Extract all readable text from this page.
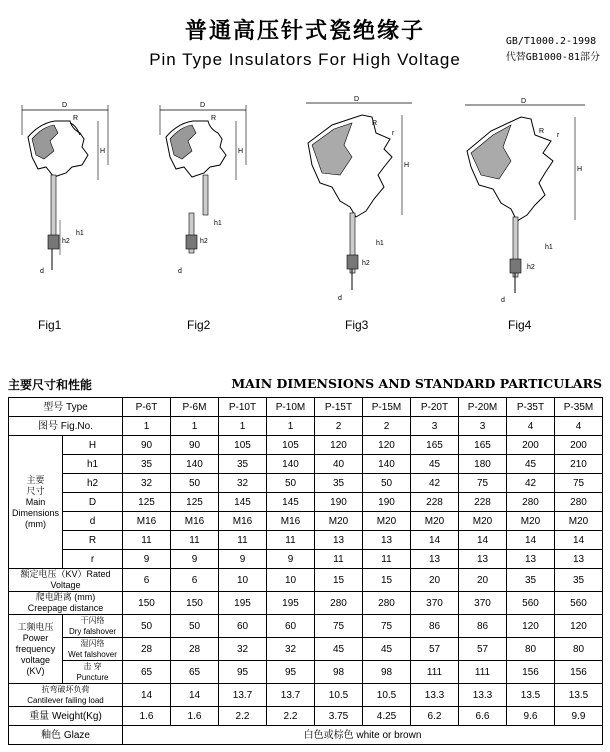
普通高压针式瓷绝缘子
Pin Type Insulators For High Voltage
GB/T1000.2-1998
代替GB1000-81部分
D
R
H
h2
h1
d
D
R
H
h2
h1
d
D
R
r
H
h2
h1
d
D
R
r
H
h2
h1
d
Fig1	Fig2	Fig3	Fig4
主要尺寸和性能	MAIN DIMENSIONS AND STANDARD PARTICULARS
型号 Type		P-6T	P-6M	P-10T	P-10M	P-15T	P-15M	P-20T	P-20M	P-35T	P-35M
图号 Fig.No.		1	1	1	1	2	2	3	3	4	4
主要
尺寸
Main
Dimensions
(mm)	H	90	90	105	105	120	120	165	165	200	200
	h1	35	140	35	140	40	140	45	180	45	210
	h2	32	50	32	50	35	50	42	75	42	75
	D	125	125	145	145	190	190	228	228	280	280
	d	M16	M16	M16	M16	M20	M20	M20	M20	M20	M20
	R	11	11	11	11	13	13	14	14	14	14
	r	9	9	9	9	11	11	13	13	13	13
额定电压（KV）Rated
Voltage		6	6	10	10	15	15	20	20	35	35
爬电距离 (mm)
Creepage distance		150	150	195	195	280	280	370	370	560	560
工频电压
Power
frequency
voltage
(KV)	干闪络
Dry falshover	50	50	60	60	75	75	86	86	120	120
	湿闪络
Wet falshover	28	28	32	32	45	45	57	57	80	80
	击 穿
Puncture	65	65	95	95	98	98	111	111	156	156
抗弯破坏负荷
Cantilever failing load		14	14	13.7	13.7	10.5	10.5	13.3	13.3	13.5	13.5
重量 Weight(Kg)		1.6	1.6	2.2	2.2	3.75	4.25	6.2	6.6	9.6	9.9
釉色 Glaze		白色或棕色 white or brown									
